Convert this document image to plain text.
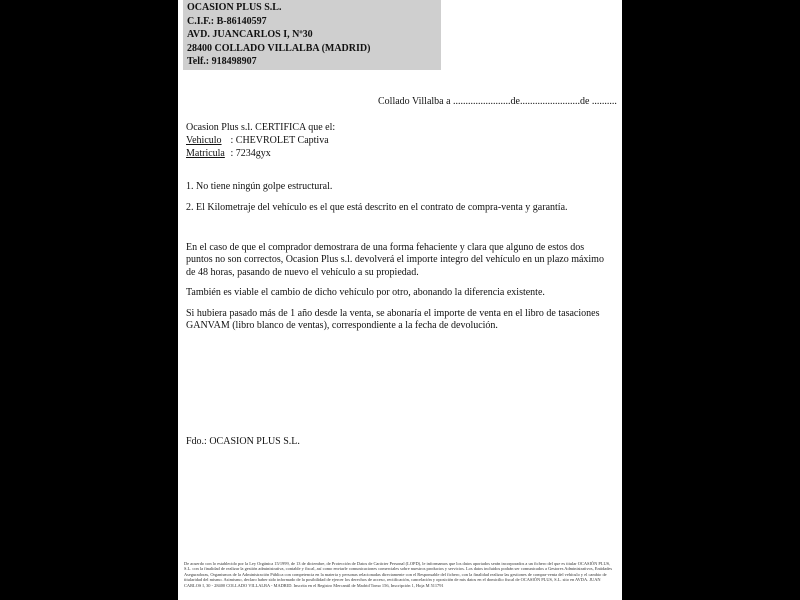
OCASION PLUS S.L.
C.I.F.: B-86140597
AVD. JUANCARLOS I, Nº30
28400 COLLADO VILLALBA (MADRID)
Telf.: 918498907
Collado Villalba a .......................de........................de ..........
Ocasion Plus s.l. CERTIFICA que el:
Vehiculo : CHEVROLET Captiva
Matricula : 7234gyx
1. No tiene ningún golpe estructural.
2. El Kilometraje del vehículo es el que está descrito en el contrato de compra-venta y garantía.
En el caso de que el comprador demostrara de una forma fehaciente y clara que alguno de estos dos puntos no son correctos, Ocasion Plus s.l. devolverá el importe integro del vehículo en un plazo máximo de 48 horas, pasando de nuevo el vehículo a su propiedad.
También es viable el cambio de dicho vehículo por otro, abonando la diferencia existente.
Si hubiera pasado más de 1 año desde la venta, se abonaría el importe de venta en el libro de tasaciones GANVAM (libro blanco de ventas), correspondiente a la fecha de devolución.
Fdo.: OCASION PLUS S.L.
De acuerdo con lo establecido por la Ley Orgánica 15/1999, de 13 de diciembre, de Protección de Datos de Carácter Personal (LOPD), le informamos que los datos aportados serán incorporados a un fichero del que es titular OCASIÓN PLUS, S.L. con la finalidad de realizar la gestión administrativa, contable y fiscal, así como enviarle comunicaciones comerciales sobre nuestros productos y servicios. Los datos incluidos podrán ser comunicados a Gestores Administrativos, Entidades Aseguradoras, Organismos de la Administración Pública con competencia en la materia y personas relacionadas directamente con el Responsable del fichero, con la finalidad realizar las gestiones de compra-venta del vehículo y el cambio de titularidad del mismo. Asimismo, declaro haber sido informado de la posibilidad de ejercer los derechos de acceso, rectificación, cancelación y oposición de mis datos en el domicilio fiscal de OCASIÓN PLUS, S.L. sito en AVDA. JUAN CARLOS I, 30 - 28400 COLLADO VILLALBA - MADRID. Inscrita en el Registro Mercantil de Madrid Tomo 156, Inscripción 1, Hoja M 511791
